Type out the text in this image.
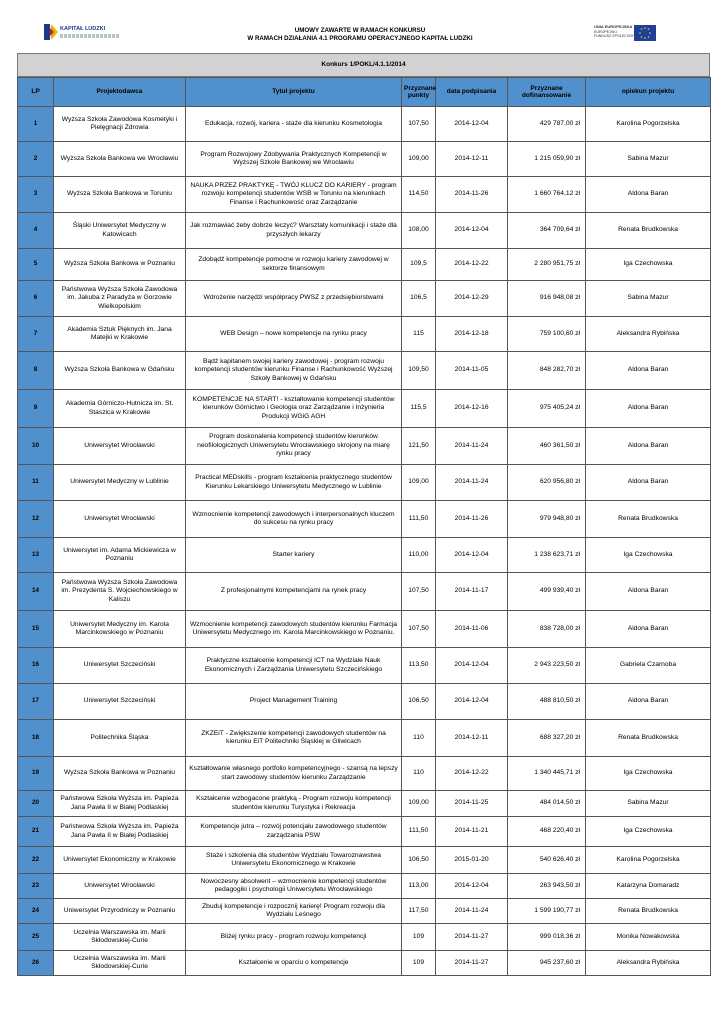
KAPITAŁ LUDZKI	UMOWY ZAWARTE W RAMACH KONKURSU
W RAMACH DZIAŁANIA 4.1 PROGRAMU OPERACYJNEGO KAPITAŁ LUDZKI
UNIA EUROPEJSKA
EUROPEJSKI
FUNDUSZ SPOŁECZNY
Konkurs 1/POKL/4.1.1/2014
LP	Projektodawca	Tytuł projektu	Przyznane punkty	data podpisania	Przyznane dofinansowanie	opiekun projektu
1	Wyższa Szkoła Zawodowa Kosmetyki i Pielęgnacji Zdrowia	Edukacja, rozwój, kariera - staże dla kierunku Kosmetologia	107,50	2014-12-04	429 787,00 zł	Karolina Pogorzelska
2	Wyższa Szkoła Bankowa we Wrocławiu	Program Rozwojowy Zdobywania Praktycznych Kompetencji w Wyższej Szkole Bankowej we Wrocławiu	109,00	2014-12-11	1 215 059,90 zł	Sabina Mazur
3	Wyższa Szkoła Bankowa w Toruniu	NAUKA PRZEZ PRAKTYKĘ - TWÓJ KLUCZ DO KARIERY - program rozwoju kompetencji studentów WSB w Toruniu na kierunkach Finanse i Rachunkowość oraz Zarządzanie	114,50	2014-11-26	1 660 764,12 zł	Aldona Baran
4	Śląski Uniwersytet Medyczny w Katowicach	Jak rozmawiać żeby dobrze leczyć? Warsztaty komunikacji i staże dla przyszłych lekarzy	108,00	2014-12-04	364 709,64 zł	Renata Brudkowska
5	Wyższa Szkoła Bankowa w Poznaniu	Zdobądź kompetencje pomocne w rozwoju kariery zawodowej w sektorze finansowym	109,5	2014-12-22	2 280 951,75 zł	Iga Czechowska
6	Państwowa Wyższa Szkoła Zawodowa im. Jakuba z Paradyża w Gorzowie Wielkopolskim	Wdrożenie narzędzi współpracy PWSZ z przedsiębiorstwami	106,5	2014-12-29	916 948,08 zł	Sabina Mazur
7	Akademia Sztuk Pięknych im. Jana Matejki w Krakowie	WEB Design – nowe kompetencje na rynku pracy	115	2014-12-18	759 100,60 zł	Aleksandra Rybińska
8	Wyższa Szkoła Bankowa w Gdańsku	Bądź kapitanem swojej kariery zawodowej - program rozwoju kompetencji studentów kierunku Finanse i Rachunkowość Wyższej Szkoły Bankowej w Gdańsku	109,50	2014-11-05	848 282,70 zł	Aldona Baran
9	Akademia Górniczo-Hutnicza im. St. Staszica w Krakowie	KOMPETENCJE NA START! - kształtowanie kompetencji studentów kierunków Górnictwo i Geologia oraz Zarządzanie i Inżynieria Produkcji WGiG AGH	115,5	2014-12-16	975 405,24 zł	Aldona Baran
10	Uniwersytet Wrocławski	Program doskonalenia kompetencji studentów kierunków neofilologicznych Uniwersytetu Wrocławskiego skrojony na miarę rynku pracy	121,50	2014-11-24	460 361,50 zł	Aldona Baran
11	Uniwersytet Medyczny w Lublinie	Practical MEDskills - program kształcenia praktycznego studentów Kierunku Lekarskiego Uniwersytetu Medycznego w Lublinie	109,00	2014-11-24	620 956,80 zł	Aldona Baran
12	Uniwersytet Wrocławski	Wzmocnienie kompetencji zawodowych i interpersonalnych kluczem do sukcesu na rynku pracy	111,50	2014-11-26	979 948,80 zł	Renata Brudkowska
13	Uniwersytet im. Adama Mickiewicza w Poznaniu	Starter kariery	110,00	2014-12-04	1 238 623,71 zł	Iga Czechowska
14	Państwowa Wyższa Szkoła Zawodowa im. Prezydenta S. Wojciechowskiego w Kaliszu	Z profesjonalnymi kompetencjami na rynek pracy	107,50	2014-11-17	499 939,40 zł	Aldona Baran
15	Uniwersytet Medyczny im. Karola Marcinkowskiego w Poznaniu	Wzmocnienie kompetencji zawodowych studentów kierunku Farmacja Uniwersytetu Medycznego im. Karola Marcinkowskiego w Poznaniu.	107,50	2014-11-06	838 728,00 zł	Aldona Baran
16	Uniwersytet Szczeciński	Praktyczne kształcenie kompetencji ICT na Wydziale Nauk Ekonomicznych i Zarządzania Uniwersytetu Szczecińskiego	113,50	2014-12-04	2 943 223,50 zł	Gabriela Czarnoba
17	Uniwersytet Szczeciński	Project Management Training	106,50	2014-12-04	488 810,50 zł	Aldona Baran
18	Politechnika Śląska	ZKZEiT - Zwiększenie kompetencji zawodowych studentów na kierunku EiT Politechniki Śląskiej w Gliwicach	110	2014-12-11	688 327,20 zł	Renata Brudkowska
19	Wyższa Szkoła Bankowa w Poznaniu	Kształtowanie własnego portfolio kompetencyjnego - szansą na lepszy start zawodowy studentów kierunku Zarządzanie	110	2014-12-22	1 340 445,71 zł	Iga Czechowska
20	Państwowa Szkoła Wyższa im. Papieża Jana Pawła II w Białej Podlaskiej	Kształcenie wzbogacone praktyką - Program rozwoju kompetencji studentów kierunku Turystyka i Rekreacja	109,00	2014-11-25	484 014,50 zł	Sabina Mazur
21	Państwowa Szkoła Wyższa im. Papieża Jana Pawła II w Białej Podlaskiej	Kompetencje jutra – rozwój potencjału zawodowego studentów zarządzania PSW	111,50	2014-11-21	468 220,40 zł	Iga Czechowska
22	Uniwersytet Ekonomiczny w Krakowie	Staże i szkolenia dla studentów Wydziału Towaroznawstwa Uniwersytetu Ekonomicznego w Krakowie	106,50	2015-01-20	540 626,40 zł	Karolina Pogorzelska
23	Uniwersytet Wrocławski	Nowoczesny absolwent – wzmocnienie kompetencji studentów pedagogiki i psychologii Uniwersytetu Wrocławskiego	113,00	2014-12-04	263 943,50 zł	Katarzyna Domaradz
24	Uniwersytet Przyrodniczy w Poznaniu	Zbuduj kompetencje i rozpocznij karierę! Program rozwoju dla Wydziału Leśnego	117,50	2014-11-24	1 599 190,77 zł	Renata Brudkowska
25	Uczelnia Warszawska im. Marii Skłodowskiej-Curie	Bliżej rynku pracy - program rozwoju kompetencji	109	2014-11-27	999 018,36 zł	Monika Nowakowska
26	Uczelnia Warszawska im. Marii Skłodowskiej-Curie	Kształcenie w oparciu o kompetencje	109	2014-11-27	945 237,60 zł	Aleksandra Rybińska
